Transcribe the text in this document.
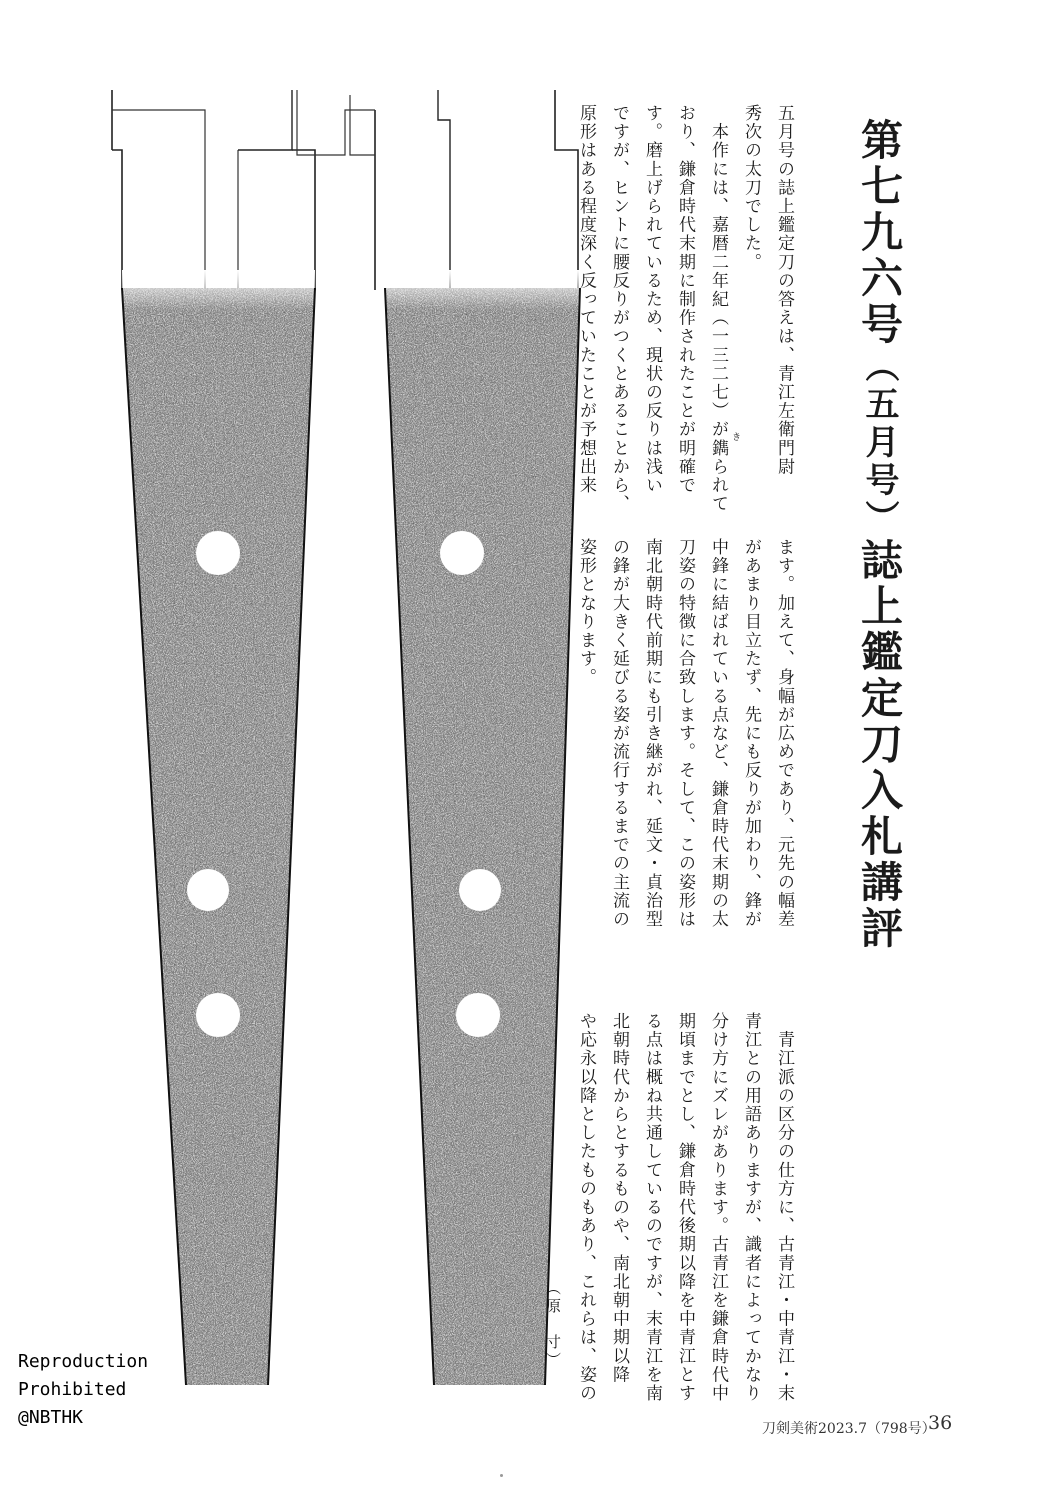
第七九六号（五月号）誌上鑑定刀入札講評
五月号の誌上鑑定刀の答えは、青江左衛門尉
秀次の太刀でした。
　本作には、嘉暦二年紀（一三二七）が鐫られて
おり、鎌倉時代末期に制作されたことが明確で
す。磨上げられているため、現状の反りは浅い
ですが、ヒントに腰反りがつくとあることから、
原形はある程度深く反っていたことが予想出来
ます。加えて、身幅が広めであり、元先の幅差
があまり目立たず、先にも反りが加わり、鋒が
中鋒に結ばれている点など、鎌倉時代末期の太
刀姿の特徴に合致します。そして、この姿形は
南北朝時代前期にも引き継がれ、延文・貞治型
の鋒が大きく延びる姿が流行するまでの主流の
姿形となります。
　青江派の区分の仕方に、古青江・中青江・末
青江との用語ありますが、識者によってかなり
分け方にズレがあります。古青江を鎌倉時代中
期頃までとし、鎌倉時代後期以降を中青江とす
る点は概ね共通しているのですが、末青江を南
北朝時代からとするものや、南北朝中期以降
や応永以降としたものもあり、これらは、姿の
き
（原　寸）
Reproduction
Prohibited
@NBTHK
刀剣美術2023.7（798号）
36
